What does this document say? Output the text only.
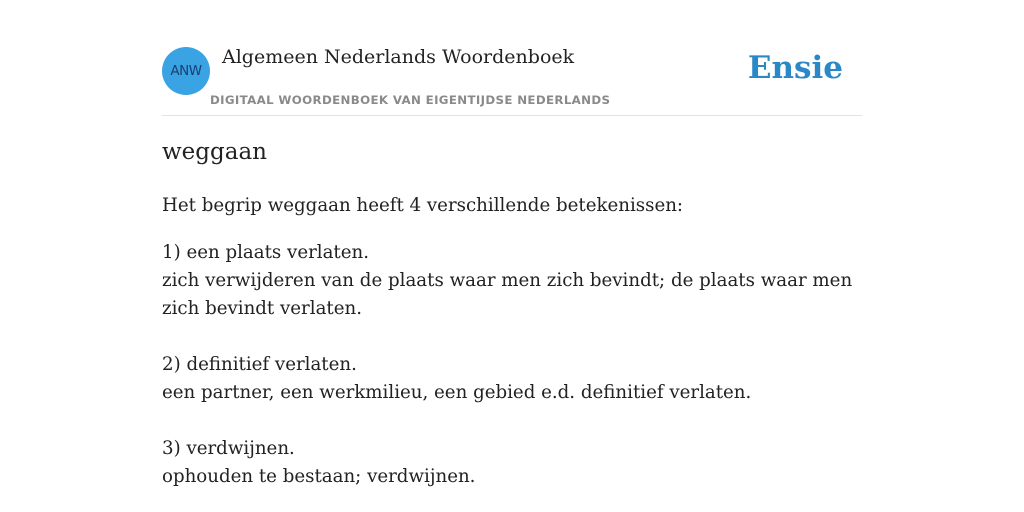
ANW
Algemeen Nederlands Woordenboek
DIGITAAL WOORDENBOEK VAN EIGENTIJDSE NEDERLANDS
Ensie
weggaan

Het begrip weggaan heeft 4 verschillende betekenissen:

1) een plaats verlaten.
zich verwijderen van de plaats waar men zich bevindt; de plaats waar men zich bevindt verlaten.
2) definitief verlaten.
een partner, een werkmilieu, een gebied e.d. definitief verlaten.
3) verdwijnen.
ophouden te bestaan; verdwijnen.
